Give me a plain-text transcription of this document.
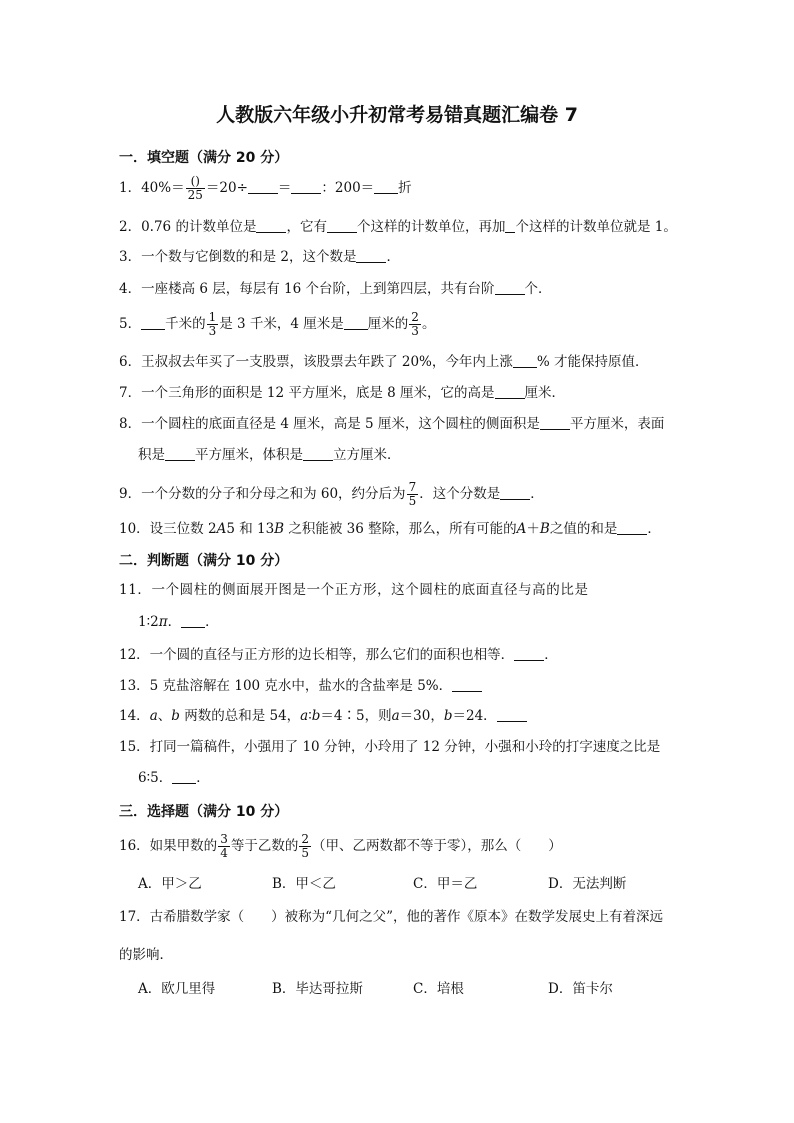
人教版六年级小升初常考易错真题汇编卷 7
一．填空题（满分 20 分）
1．$40\%= \frac{()}{25} =20\div$ ＝ ：200＝ 折
2．0.76 的计数单位是 ，它有 个这样的计数单位，再加 个这样的计数单位就是 1。
3．一个数与它倒数的和是 2，这个数是 ．
4．一座楼高 6 层，每层有 16 个台阶，上到第四层，共有台阶 个．
5． 千米的 $\frac{1}{3}$ 是 3 千米，4 厘米是 厘米的 $\frac{2}{3}$ 。
6．王叔叔去年买了一支股票，该股票去年跌了 20%，今年内上涨 % 才能保持原值．
7．一个三角形的面积是 12 平方厘米，底是 8 厘米，它的高是 厘米．
8．一个圆柱的底面直径是 4 厘米，高是 5 厘米，这个圆柱的侧面积是 平方厘米，表面
积是 平方厘米，体积是 立方厘米．
9．一个分数的分子和分母之和为 60，约分后为 $\frac{7}{5}$ ．这个分数是 ．
10．设三位数 2A5 和 13B 之积能被 36 整除，那么，所有可能的A＋B之值的和是 ．
二．判断题（满分 10 分）
11．一个圆柱的侧面展开图是一个正方形，这个圆柱的底面直径与高的比是
1∶2π． ．
12．一个圆的直径与正方形的边长相等，那么它们的面积也相等． ．
13．5 克盐溶解在 100 克水中，盐水的含盐率是 5%．
14．a、b 两数的总和是 54，a∶b＝4∶5，则a＝30，b＝24．
15．打同一篇稿件，小强用了 10 分钟，小玲用了 12 分钟，小强和小玲的打字速度之比是
6∶5． ．
三．选择题（满分 10 分）
16．如果甲数的 $\frac{3}{4}$ 等于乙数的 $\frac{2}{5}$ （甲、乙两数都不等于零），那么（　　）
A．甲＞乙	B．甲＜乙	C．甲＝乙	D．无法判断
17．古希腊数学家（　　）被称为“几何之父”，他的著作《原本》在数学发展史上有着深远
的影响．
A．欧几里得	B．毕达哥拉斯	C．培根	D．笛卡尔
